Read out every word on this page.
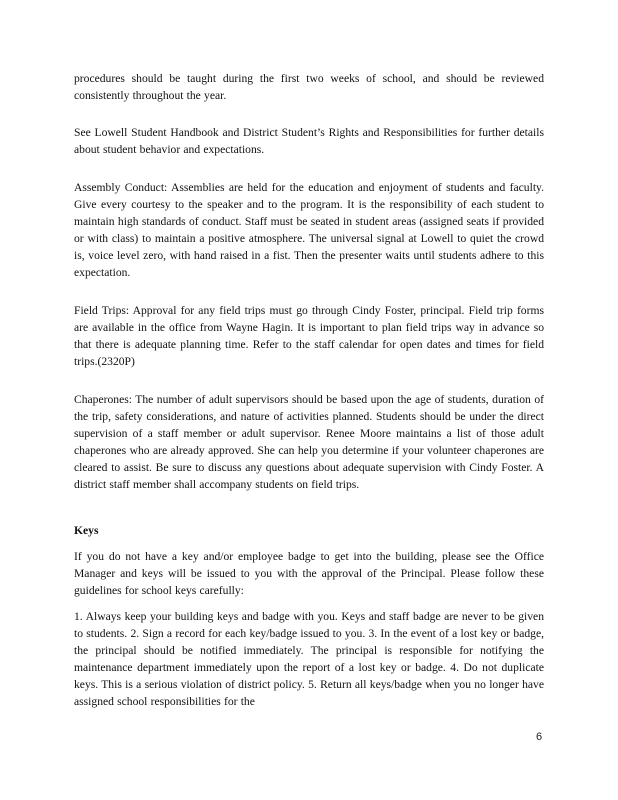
procedures should be taught during the first two weeks of school, and should be reviewed consistently throughout the year.

See Lowell Student Handbook and District Student’s Rights and Responsibilities for further details about student behavior and expectations.

Assembly Conduct: Assemblies are held for the education and enjoyment of students and faculty. Give every courtesy to the speaker and to the program. It is the responsibility of each student to maintain high standards of conduct. Staff must be seated in student areas (assigned seats if provided or with class) to maintain a positive atmosphere. The universal signal at Lowell to quiet the crowd is, voice level zero, with hand raised in a fist. Then the presenter waits until students adhere to this expectation.

Field Trips: Approval for any field trips must go through Cindy Foster, principal. Field trip forms are available in the office from Wayne Hagin. It is important to plan field trips way in advance so that there is adequate planning time. Refer to the staff calendar for open dates and times for field trips.(2320P)

Chaperones: The number of adult supervisors should be based upon the age of students, duration of the trip, safety considerations, and nature of activities planned. Students should be under the direct supervision of a staff member or adult supervisor. Renee Moore maintains a list of those adult chaperones who are already approved. She can help you determine if your volunteer chaperones are cleared to assist. Be sure to discuss any questions about adequate supervision with Cindy Foster. A district staff member shall accompany students on field trips.

Keys

If you do not have a key and/or employee badge to get into the building, please see the Office Manager and keys will be issued to you with the approval of the Principal. Please follow these guidelines for school keys carefully:

1. Always keep your building keys and badge with you. Keys and staff badge are never to be given to students. 2. Sign a record for each key/badge issued to you. 3. In the event of a lost key or badge, the principal should be notified immediately. The principal is responsible for notifying the maintenance department immediately upon the report of a lost key or badge. 4. Do not duplicate keys. This is a serious violation of district policy. 5. Return all keys/badge when you no longer have assigned school responsibilities for the

6
